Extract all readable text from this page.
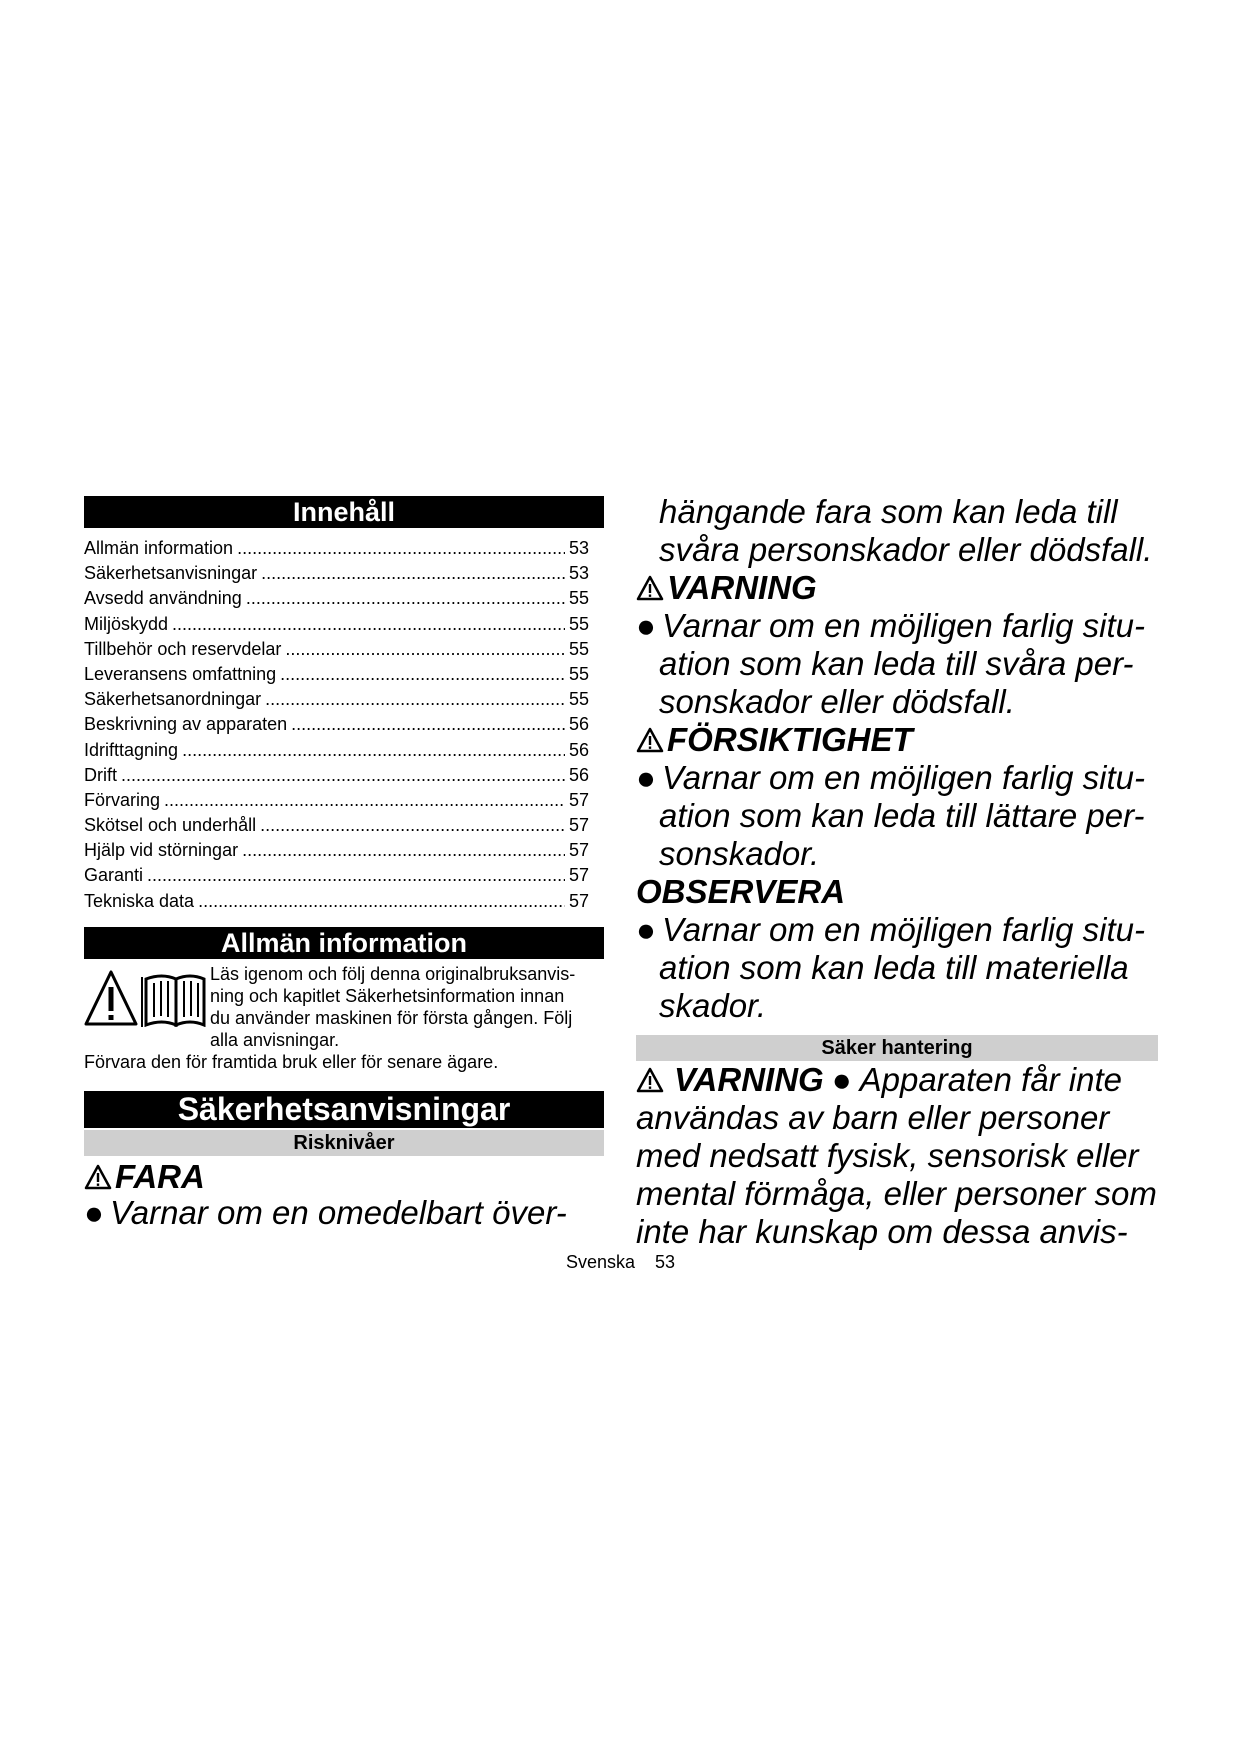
Innehåll
Allmän information .....	53
Säkerhetsanvisningar .....	53
Avsedd användning .....	55
Miljöskydd .....	55
Tillbehör och reservdelar .....	55
Leveransens omfattning .....	55
Säkerhetsanordningar .....	55
Beskrivning av apparaten .....	56
Idrifttagning .....	56
Drift .....	56
Förvaring .....	57
Skötsel och underhåll .....	57
Hjälp vid störningar .....	57
Garanti .....	57
Tekniska data .....	57
Allmän information
Läs igenom och följ denna originalbruksanvis-
ning och kapitlet Säkerhetsinformation innan
du använder maskinen för första gången. Följ
alla anvisningar.
Förvara den för framtida bruk eller för senare ägare.
Säkerhetsanvisningar
Risknivåer
FARA
● Varnar om en omedelbart över-
hängande fara som kan leda till
svåra personskador eller dödsfall.
VARNING
● Varnar om en möjligen farlig situ-
ation som kan leda till svåra per-
sonskador eller dödsfall.
FÖRSIKTIGHET
● Varnar om en möjligen farlig situ-
ation som kan leda till lättare per-
sonskador.
OBSERVERA
● Varnar om en möjligen farlig situ-
ation som kan leda till materiella
skador.
Säker hantering
VARNING ● Apparaten får inte
användas av barn eller personer
med nedsatt fysisk, sensorisk eller
mental förmåga, eller personer som
inte har kunskap om dessa anvis-
Svenska 53
